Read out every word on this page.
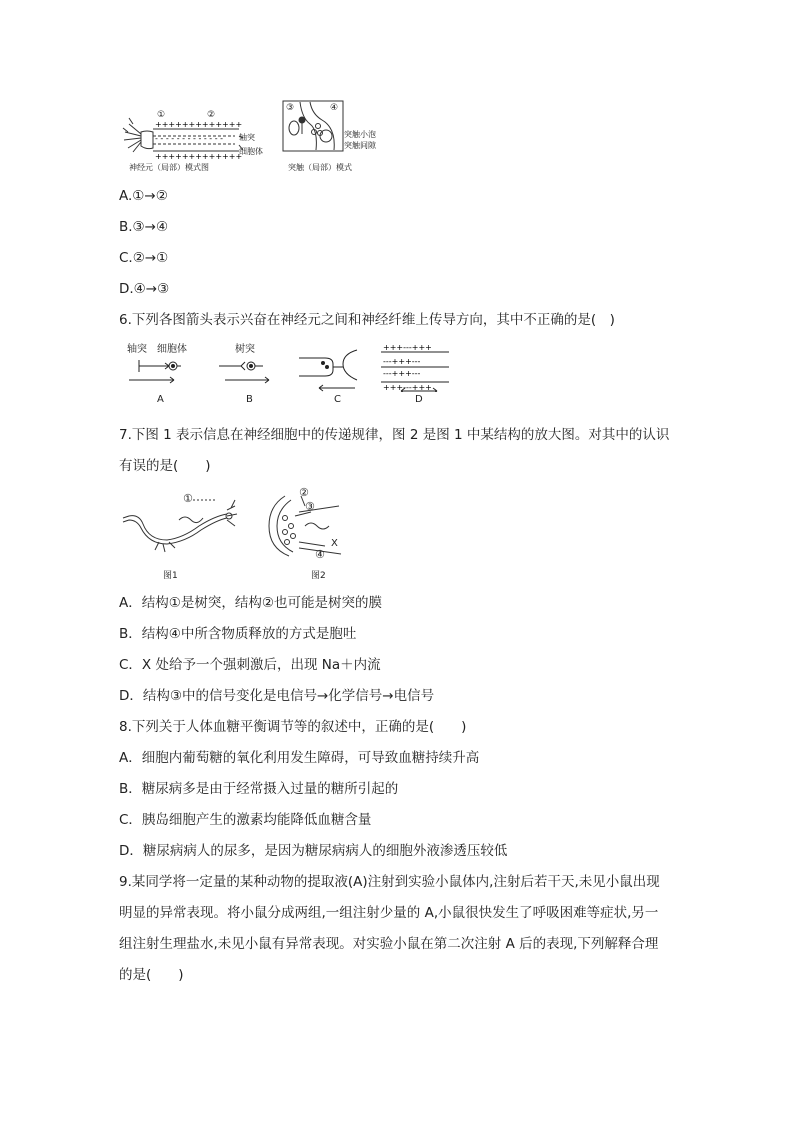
+++++++++++++
+++++++++++++
- - - - - - - - - - - - -
①	②
轴突
细胞体
神经元（局部）模式图
③	④
突触小泡
突触间隙
突触（局部）模式
A.①→②
B.③→④
C.②→①
D.④→③
6.下列各图箭头表示兴奋在神经元之间和神经纤维上传导方向，其中不正确的是(　)
+++---+++
---+++---
---+++---
+++---+++
轴突 细胞体	树突
A	B	C	D
7.下图 1 表示信息在神经细胞中的传递规律，图 2 是图 1 中某结构的放大图。对其中的认识
有误的是(　　)
①	②
③
④
X
图1	图2
A．结构①是树突，结构②也可能是树突的膜
B．结构④中所含物质释放的方式是胞吐
C．X 处给予一个强刺激后，出现 Na＋内流
D．结构③中的信号变化是电信号→化学信号→电信号
8.下列关于人体血糖平衡调节等的叙述中，正确的是(　　)
A．细胞内葡萄糖的氧化利用发生障碍，可导致血糖持续升高
B．糖尿病多是由于经常摄入过量的糖所引起的
C．胰岛细胞产生的激素均能降低血糖含量
D．糖尿病病人的尿多，是因为糖尿病病人的细胞外液渗透压较低
9.某同学将一定量的某种动物的提取液(A)注射到实验小鼠体内,注射后若干天,未见小鼠出现
明显的异常表现。将小鼠分成两组,一组注射少量的 A,小鼠很快发生了呼吸困难等症状,另一
组注射生理盐水,未见小鼠有异常表现。对实验小鼠在第二次注射 A 后的表现,下列解释合理
的是(　　)
